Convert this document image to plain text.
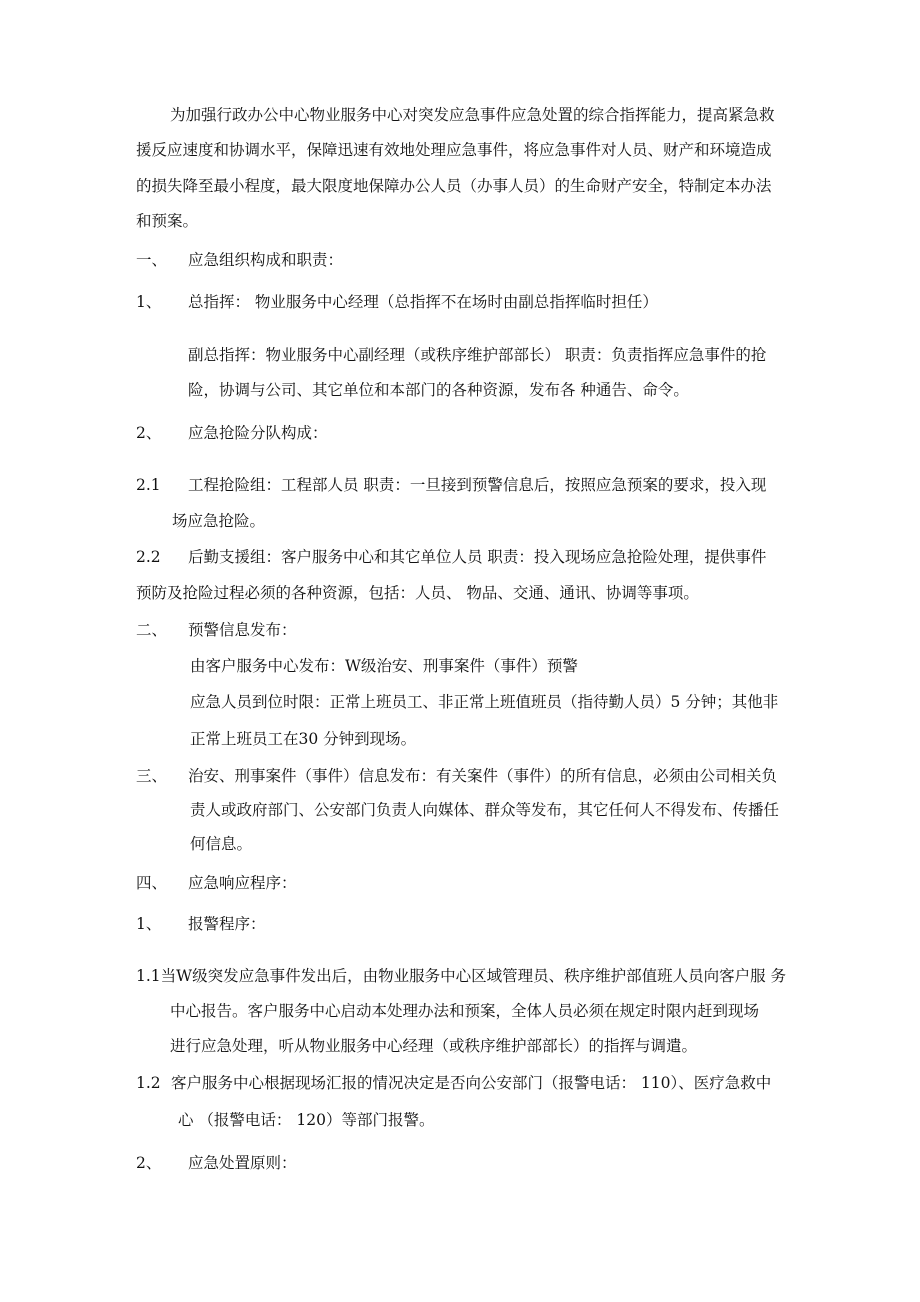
为加强行政办公中心物业服务中心对突发应急事件应急处置的综合指挥能力，提高紧急救
援反应速度和协调水平，保障迅速有效地处理应急事件，将应急事件对人员、财产和环境造成
的损失降至最小程度，最大限度地保障办公人员（办事人员）的生命财产安全，特制定本办法
和预案。
一、 应急组织构成和职责：
1、 总指挥： 物业服务中心经理（总指挥不在场时由副总指挥临时担任）
副总指挥：物业服务中心副经理（或秩序维护部部长） 职责：负责指挥应急事件的抢
险，协调与公司、其它单位和本部门的各种资源，发布各 种通告、命令。
2、 应急抢险分队构成：
2.1 工程抢险组：工程部人员 职责：一旦接到预警信息后，按照应急预案的要求，投入现
场应急抢险。
2.2 后勤支援组：客户服务中心和其它单位人员 职责：投入现场应急抢险处理，提供事件
预防及抢险过程必须的各种资源，包括：人员、 物品、交通、通讯、协调等事项。
二、 预警信息发布：
由客户服务中心发布：W级治安、刑事案件（事件）预警
应急人员到位时限：正常上班员工、非正常上班值班员（指待勤人员）5 分钟；其他非
正常上班员工在30 分钟到现场。
三、 治安、刑事案件（事件）信息发布：有关案件（事件）的所有信息，必须由公司相关负
责人或政府部门、公安部门负责人向媒体、群众等发布，其它任何人不得发布、传播任
何信息。
四、 应急响应程序：
1、 报警程序：
1.1当W级突发应急事件发出后，由物业服务中心区域管理员、秩序维护部值班人员向客户服 务
中心报告。客户服务中心启动本处理办法和预案，全体人员必须在规定时限内赶到现场
进行应急处理，听从物业服务中心经理（或秩序维护部部长）的指挥与调遣。
1.2 客户服务中心根据现场汇报的情况决定是否向公安部门（报警电话： 110）、医疗急救中
心 （报警电话： 120）等部门报警。
2、 应急处置原则：
